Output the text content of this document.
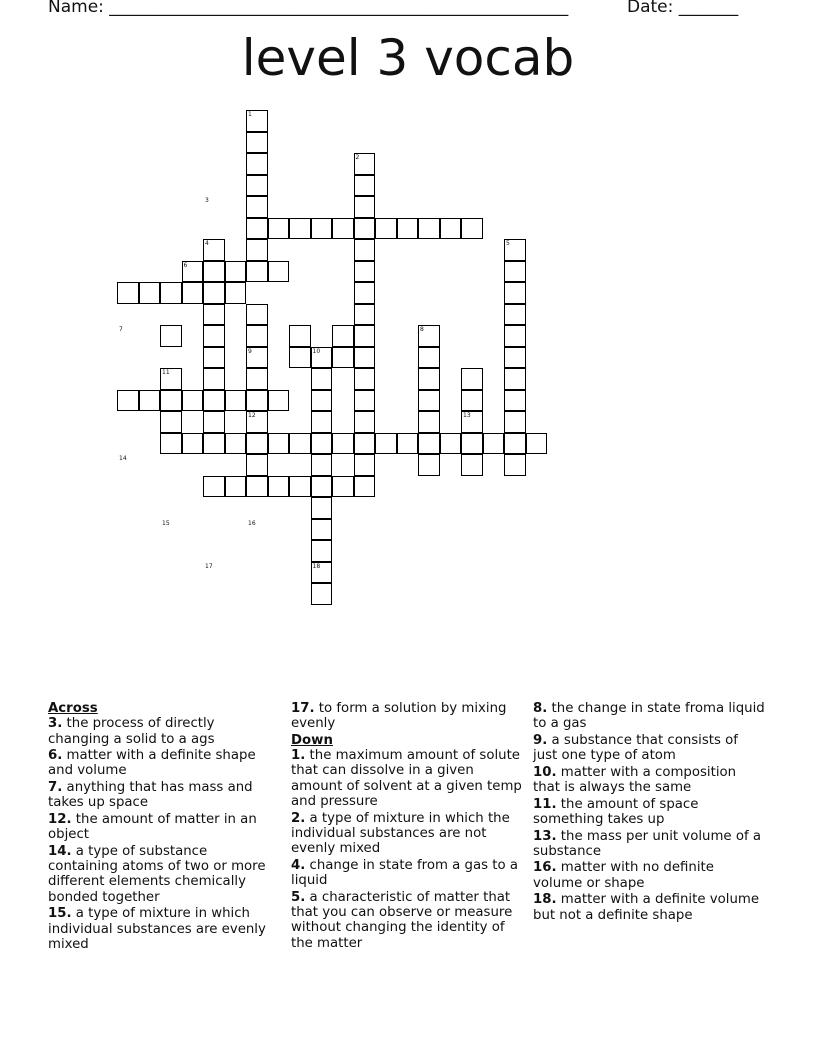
Name: ______________________________________________________	Date: _______
level 3 vocab
1
2
3
4	5
6
7	8
9	10
11
12	13
14
15	16
17	18
Across
3. the process of directly changing a solid to a ags
6. matter with a definite shape and volume
7. anything that has mass and takes up space
12. the amount of matter in an object
14. a type of substance containing atoms of two or more different elements chemically bonded together
15. a type of mixture in which individual substances are evenly mixed
17. to form a solution by mixing evenly
Down
1. the maximum amount of solute that can dissolve in a given amount of solvent at a given temp and pressure
2. a type of mixture in which the individual substances are not evenly mixed
4. change in state from a gas to a liquid
5. a characteristic of matter that that you can observe or measure without changing the identity of the matter
8. the change in state froma liquid to a gas
9. a substance that consists of just one type of atom
10. matter with a composition that is always the same
11. the amount of space something takes up
13. the mass per unit volume of a substance
16. matter with no definite volume or shape
18. matter with a definite volume but not a definite shape
